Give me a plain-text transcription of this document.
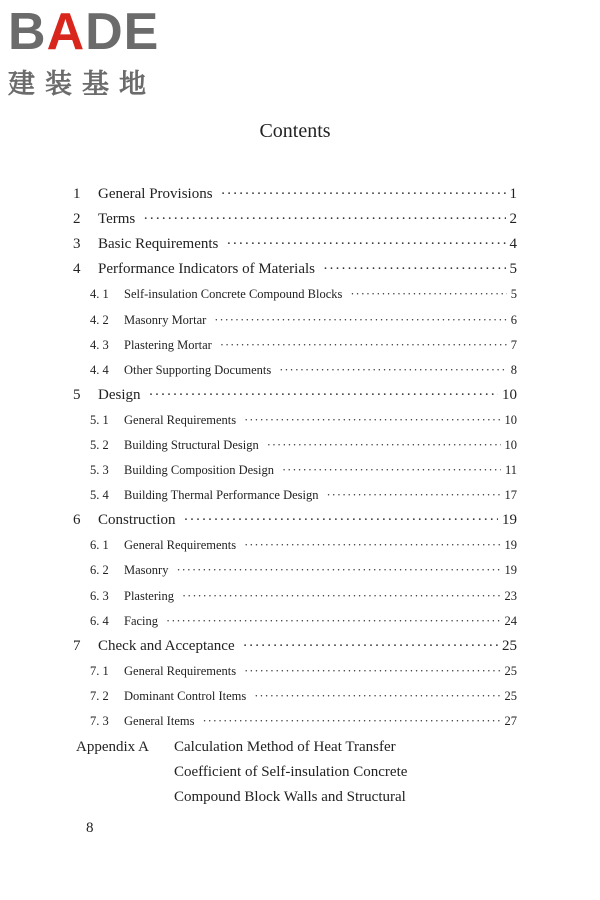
BADE
建装基地
Contents
1 General Provisions ·····	1
2 Terms ·····	2
3 Basic Requirements ·····	4
4 Performance Indicators of Materials ·····	5
4. 1 Self-insulation Concrete Compound Blocks ·····	5
4. 2 Masonry Mortar ·····	6
4. 3 Plastering Mortar ·····	7
4. 4 Other Supporting Documents ·····	8
5 Design ·····	10
5. 1 General Requirements ·····	10
5. 2 Building Structural Design ·····	10
5. 3 Building Composition Design ·····	11
5. 4 Building Thermal Performance Design ·····	17
6 Construction ·····	19
6. 1 General Requirements ·····	19
6. 2 Masonry ·····	19
6. 3 Plastering ·····	23
6. 4 Facing ·····	24
7 Check and Acceptance ·····	25
7. 1 General Requirements ·····	25
7. 2 Dominant Control Items ·····	25
7. 3 General Items ·····	27
Appendix A Calculation Method of Heat Transfer
Coefficient of Self-insulation Concrete
Compound Block Walls and Structural
8
